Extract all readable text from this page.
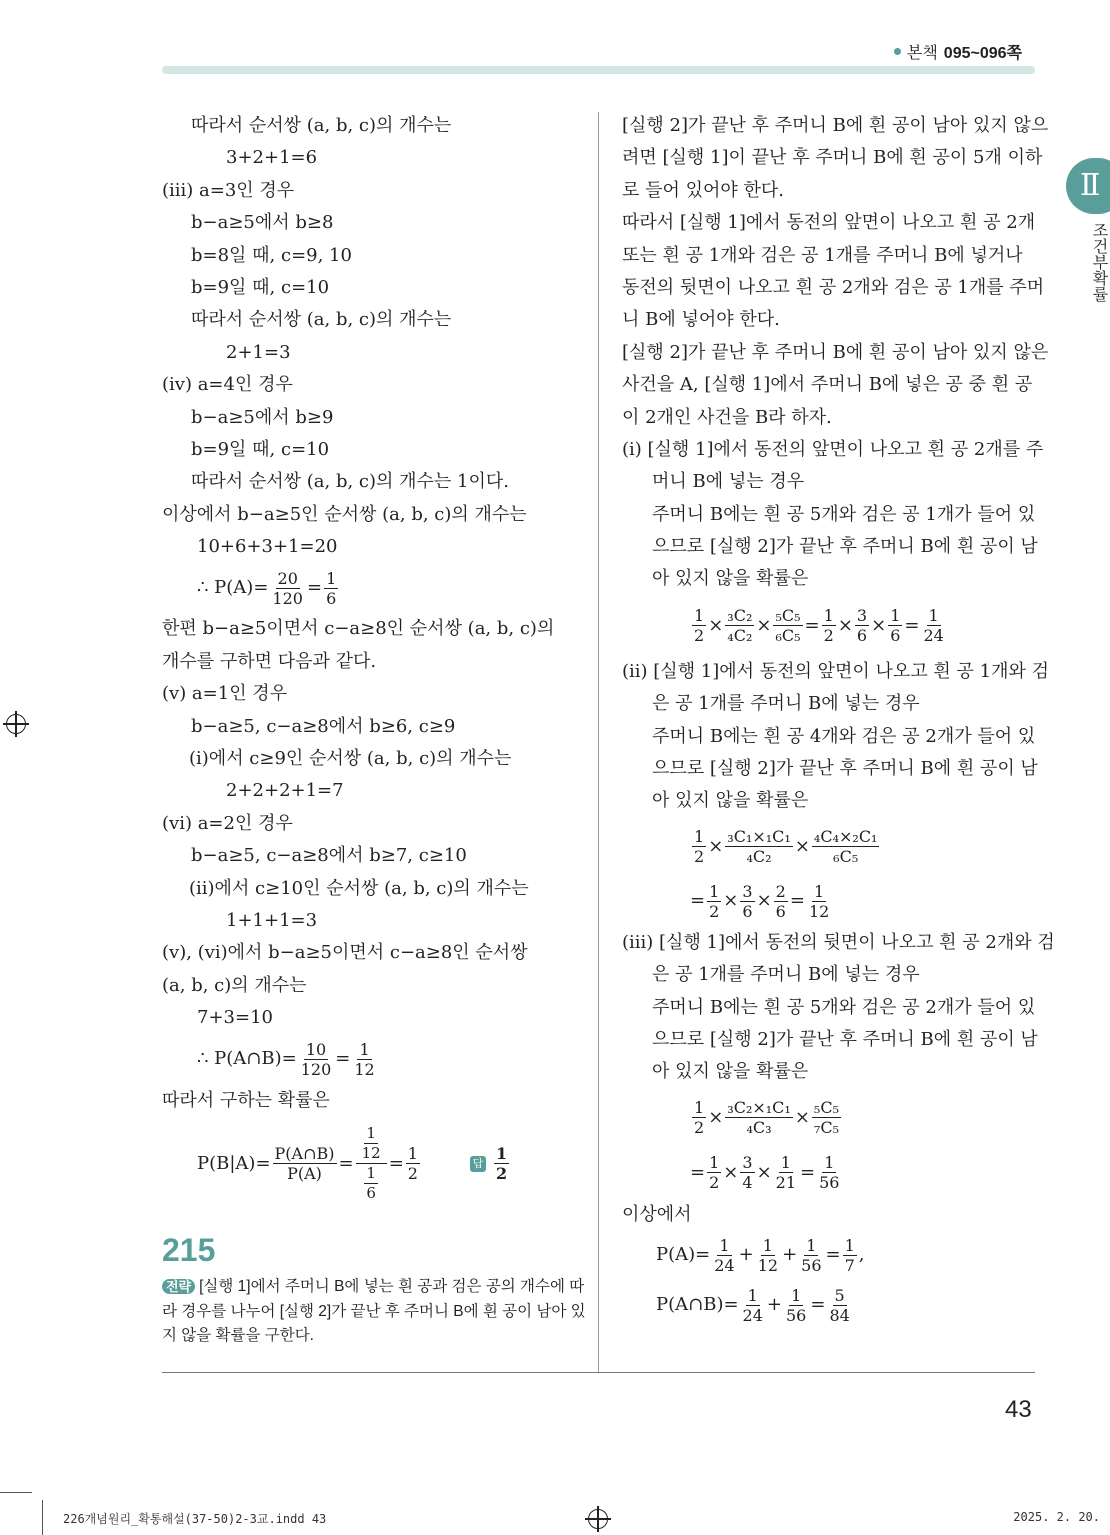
본책 095~096쪽
Ⅱ
조건부확률
따라서 순서쌍 (a, b, c)의 개수는
3+2+1=6
(iii) a=3인 경우
b−a≥5에서 b≥8
b=8일 때, c=9, 10
b=9일 때, c=10
따라서 순서쌍 (a, b, c)의 개수는
2+1=3
(iv) a=4인 경우
b−a≥5에서 b≥9
b=9일 때, c=10
따라서 순서쌍 (a, b, c)의 개수는 1이다.
이상에서 b−a≥5인 순서쌍 (a, b, c)의 개수는
10+6+3+1=20
∴ $P(A)= \frac{20}{120} = \frac{1}{6}$
한편 b−a≥5이면서 c−a≥8인 순서쌍 (a, b, c)의
개수를 구하면 다음과 같다.
(v) a=1인 경우
b−a≥5, c−a≥8에서 b≥6, c≥9
(i)에서 c≥9인 순서쌍 (a, b, c)의 개수는
2+2+2+1=7
(vi) a=2인 경우
b−a≥5, c−a≥8에서 b≥7, c≥10
(ii)에서 c≥10인 순서쌍 (a, b, c)의 개수는
1+1+1=3
(v), (vi)에서 b−a≥5이면서 c−a≥8인 순서쌍
(a, b, c)의 개수는
7+3=10
∴ P(A∩B)= $\frac{10}{120} = \frac{1}{12}$
따라서 구하는 확률은
$P(B|A)= \frac{P(A\cap B)}{P(A)} = \frac{\frac{1}{12}}{\frac{1}{6}} = \frac{1}{2}$	답 $\frac{1}{2}$
[실행 2]가 끝난 후 주머니 B에 흰 공이 남아 있지 않으
려면 [실행 1]이 끝난 후 주머니 B에 흰 공이 5개 이하
로 들어 있어야 한다.
따라서 [실행 1]에서 동전의 앞면이 나오고 흰 공 2개
또는 흰 공 1개와 검은 공 1개를 주머니 B에 넣거나
동전의 뒷면이 나오고 흰 공 2개와 검은 공 1개를 주머
니 B에 넣어야 한다.
[실행 2]가 끝난 후 주머니 B에 흰 공이 남아 있지 않은
사건을 A, [실행 1]에서 주머니 B에 넣은 공 중 흰 공
이 2개인 사건을 B라 하자.
(i) [실행 1]에서 동전의 앞면이 나오고 흰 공 2개를 주
머니 B에 넣는 경우
주머니 B에는 흰 공 5개와 검은 공 1개가 들어 있
으므로 [실행 2]가 끝난 후 주머니 B에 흰 공이 남
아 있지 않을 확률은
$\frac{1}{2} \times \frac{\text{₃C₂}}{\text{₄C₂}} \times \frac{\text{₅C₅}}{\text{₆C₅}} = \frac{1}{2} \times \frac{3}{6} \times \frac{1}{6} = \frac{1}{24}$
(ii) [실행 1]에서 동전의 앞면이 나오고 흰 공 1개와 검
은 공 1개를 주머니 B에 넣는 경우
주머니 B에는 흰 공 4개와 검은 공 2개가 들어 있
으므로 [실행 2]가 끝난 후 주머니 B에 흰 공이 남
아 있지 않을 확률은
$\frac{1}{2} \times \frac{\text{₃C₁×₁C₁}}{\text{₄C₂}} \times \frac{\text{₄C₄×₂C₁}}{\text{₆C₅}}$
= $\frac{1}{2} \times \frac{3}{6} \times \frac{2}{6} = \frac{1}{12}$
(iii) [실행 1]에서 동전의 뒷면이 나오고 흰 공 2개와 검
은 공 1개를 주머니 B에 넣는 경우
주머니 B에는 흰 공 5개와 검은 공 2개가 들어 있
으므로 [실행 2]가 끝난 후 주머니 B에 흰 공이 남
아 있지 않을 확률은
$\frac{1}{2} \times \frac{\text{₃C₂×₁C₁}}{\text{₄C₃}} \times \frac{\text{₅C₅}}{\text{₇C₅}}$
= $\frac{1}{2} \times \frac{3}{4} \times \frac{1}{21} = \frac{1}{56}$
이상에서
$P(A)= \frac{1}{24} + \frac{1}{12} + \frac{1}{56} = \frac{1}{7}$ ,
P(A∩B)= $\frac{1}{24} + \frac{1}{56} = \frac{5}{84}$
215

전략 [실행 1]에서 주머니 B에 넣는 흰 공과 검은 공의 개수에 따라 경우를 나누어 [실행 2]가 끝난 후 주머니 B에 흰 공이 남아 있지 않을 확률을 구한다.

43
226개념원리_확통해설(37-50)2-3교.indd 43	2025. 2. 20.
